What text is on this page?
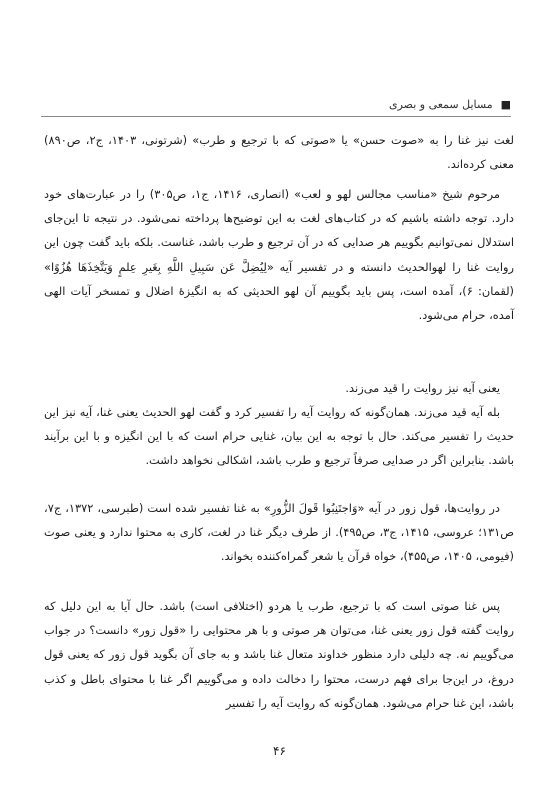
■
مسایل سمعی و بصری

لغت نیز غنا را به «صوت حسن» یا «صوتی که با ترجیع و طرب» (شرتونی، ۱۴۰۳، ج۲، ص۸۹۰) معنی کرده‌اند.

مرحوم شیخ «مناسب مجالس لهو و لعب» (انصاری، ۱۴۱۶، ج۱، ص۳۰۵) را در عبارت‌های خود دارد. توجه داشته باشیم که در کتاب‌های لغت به این توضیح‌ها پرداخته نمی‌شود. در نتیجه تا این‌جای استدلال نمی‌توانیم بگوییم هر صدایی که در آن ترجیع و طرب باشد، غناست. بلکه باید گفت چون این روایت غنا را لهوالحدیث دانسته و در تفسیر آیه «لِیُضِلَّ عَن سَبِیلِ اللَّهِ بِغَیرِ عِلمٍ وَیَتَّخِذَهَا هُزُوًا» (لقمان: ۶)، آمده است، پس باید بگوییم آن لهو الحدیثی که به انگیزهٔ اضلال و تمسخر آیات الهی آمده، حرام می‌شود.

یعنی آیه نیز روایت را قید می‌زند.

بله آیه قید می‌زند. همان‌گونه که روایت آیه را تفسیر کرد و گفت لهو الحدیث یعنی غنا، آیه نیز این حدیث را تفسیر می‌کند. حال با توجه به این بیان، غنایی حرام است که با این انگیزه و با این برآیند باشد. بنابراین اگر در صدایی صرفاً ترجیع و طرب باشد، اشکالی نخواهد داشت.

در روایت‌ها، قول زور در آیه «وَاجتَنِبُوا قَولَ الزُّورِ» به غنا تفسیر شده است (طبرسی، ۱۳۷۲، ج۷، ص۱۳۱؛ عروسی، ۱۴۱۵، ج۳، ص۴۹۵). از طرف دیگر غنا در لغت، کاری به محتوا ندارد و یعنی صوت (فیومی، ۱۴۰۵، ص۴۵۵)، خواه قرآن یا شعر گمراه‌کننده بخواند.

پس غنا صوتی است که با ترجیع، طرب یا هردو (اختلافی است) باشد. حال آیا به این دلیل که روایت گفته قول زور یعنی غنا، می‌توان هر صوتی و با هر محتوایی را «قول زور» دانست؟ در جواب می‌گوییم نه. چه دلیلی دارد منظور خداوند متعال غنا باشد و به جای آن بگوید قول زور که یعنی قول دروغ، در این‌جا برای فهم درست، محتوا را دخالت داده و می‌گوییم اگر غنا با محتوای باطل و کذب باشد، این غنا حرام می‌شود. همان‌گونه که روایت آیه را تفسیر

۴۶
